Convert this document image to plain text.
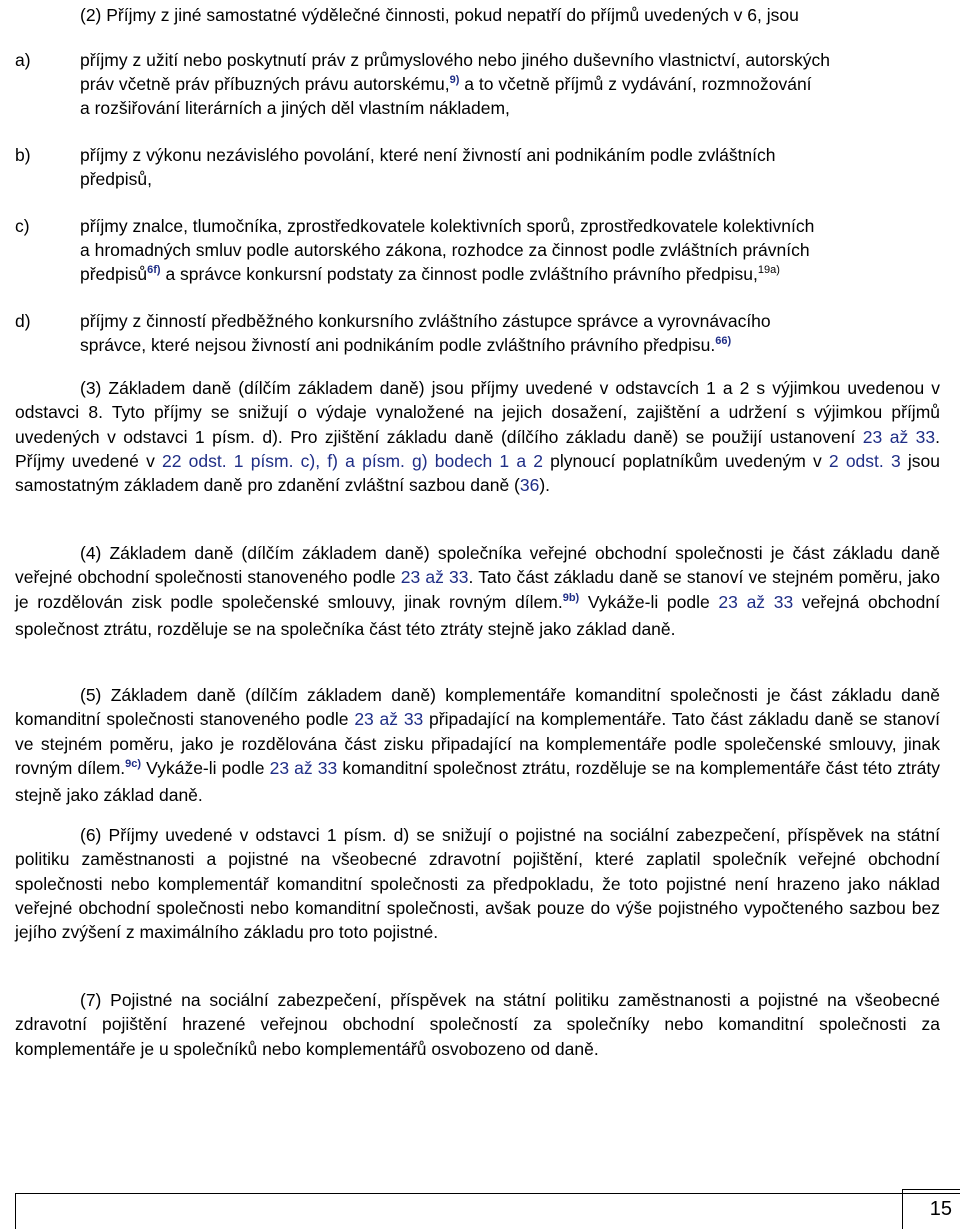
(2) Příjmy z jiné samostatné výdělečné činnosti, pokud nepatří do příjmů uvedených v 6, jsou
a)	příjmy z užití nebo poskytnutí práv z průmyslového nebo jiného duševního vlastnictví, autorských
práv včetně práv příbuzných právu autorskému,$^{9)}$ a to včetně příjmů z vydávání, rozmnožování
a rozšiřování literárních a jiných děl vlastním nákladem,
b)	příjmy z výkonu nezávislého povolání, které není živností ani podnikáním podle zvláštních
předpisů,
c)	příjmy znalce, tlumočníka, zprostředkovatele kolektivních sporů, zprostředkovatele kolektivních
a hromadných smluv podle autorského zákona, rozhodce za činnost podle zvláštních právních
předpisů$^{6f)}$ a správce konkursní podstaty za činnost podle zvláštního právního předpisu,$^{19a)}$
d)	příjmy z činností předběžného konkursního zvláštního zástupce správce a vyrovnávacího
správce, které nejsou živností ani podnikáním podle zvláštního právního předpisu.$^{66)}$
(3) Základem daně (dílčím základem daně) jsou příjmy uvedené v odstavcích 1 a 2 s výjimkou uvedenou v odstavci 8. Tyto příjmy se snižují o výdaje vynaložené na jejich dosažení, zajištění a udržení s výjimkou příjmů uvedených v odstavci 1 písm. d). Pro zjištění základu daně (dílčího základu daně) se použijí ustanovení 23 až 33. Příjmy uvedené v 22 odst. 1 písm. c), f) a písm. g) bodech 1 a 2 plynoucí poplatníkům uvedeným v 2 odst. 3 jsou samostatným základem daně pro zdanění zvláštní sazbou daně (36).
(4) Základem daně (dílčím základem daně) společníka veřejné obchodní společnosti je část základu daně veřejné obchodní společnosti stanoveného podle 23 až 33. Tato část základu daně se stanoví ve stejném poměru, jako je rozdělován zisk podle společenské smlouvy, jinak rovným dílem.$^{9b)}$ Vykáže-li podle 23 až 33 veřejná obchodní společnost ztrátu, rozděluje se na společníka část této ztráty stejně jako základ daně.
(5) Základem daně (dílčím základem daně) komplementáře komanditní společnosti je část základu daně komanditní společnosti stanoveného podle 23 až 33 připadající na komplementáře. Tato část základu daně se stanoví ve stejném poměru, jako je rozdělována část zisku připadající na komplementáře podle společenské smlouvy, jinak rovným dílem.$^{9c)}$ Vykáže-li podle 23 až 33 komanditní společnost ztrátu, rozděluje se na komplementáře část této ztráty stejně jako základ daně.
(6) Příjmy uvedené v odstavci 1 písm. d) se snižují o pojistné na sociální zabezpečení, příspěvek na státní politiku zaměstnanosti a pojistné na všeobecné zdravotní pojištění, které zaplatil společník veřejné obchodní společnosti nebo komplementář komanditní společnosti za předpokladu, že toto pojistné není hrazeno jako náklad veřejné obchodní společnosti nebo komanditní společnosti, avšak pouze do výše pojistného vypočteného sazbou bez jejího zvýšení z maximálního základu pro toto pojistné.
(7) Pojistné na sociální zabezpečení, příspěvek na státní politiku zaměstnanosti a pojistné na všeobecné zdravotní pojištění hrazené veřejnou obchodní společností za společníky nebo komanditní společnosti za komplementáře je u společníků nebo komplementářů osvobozeno od daně.
15
